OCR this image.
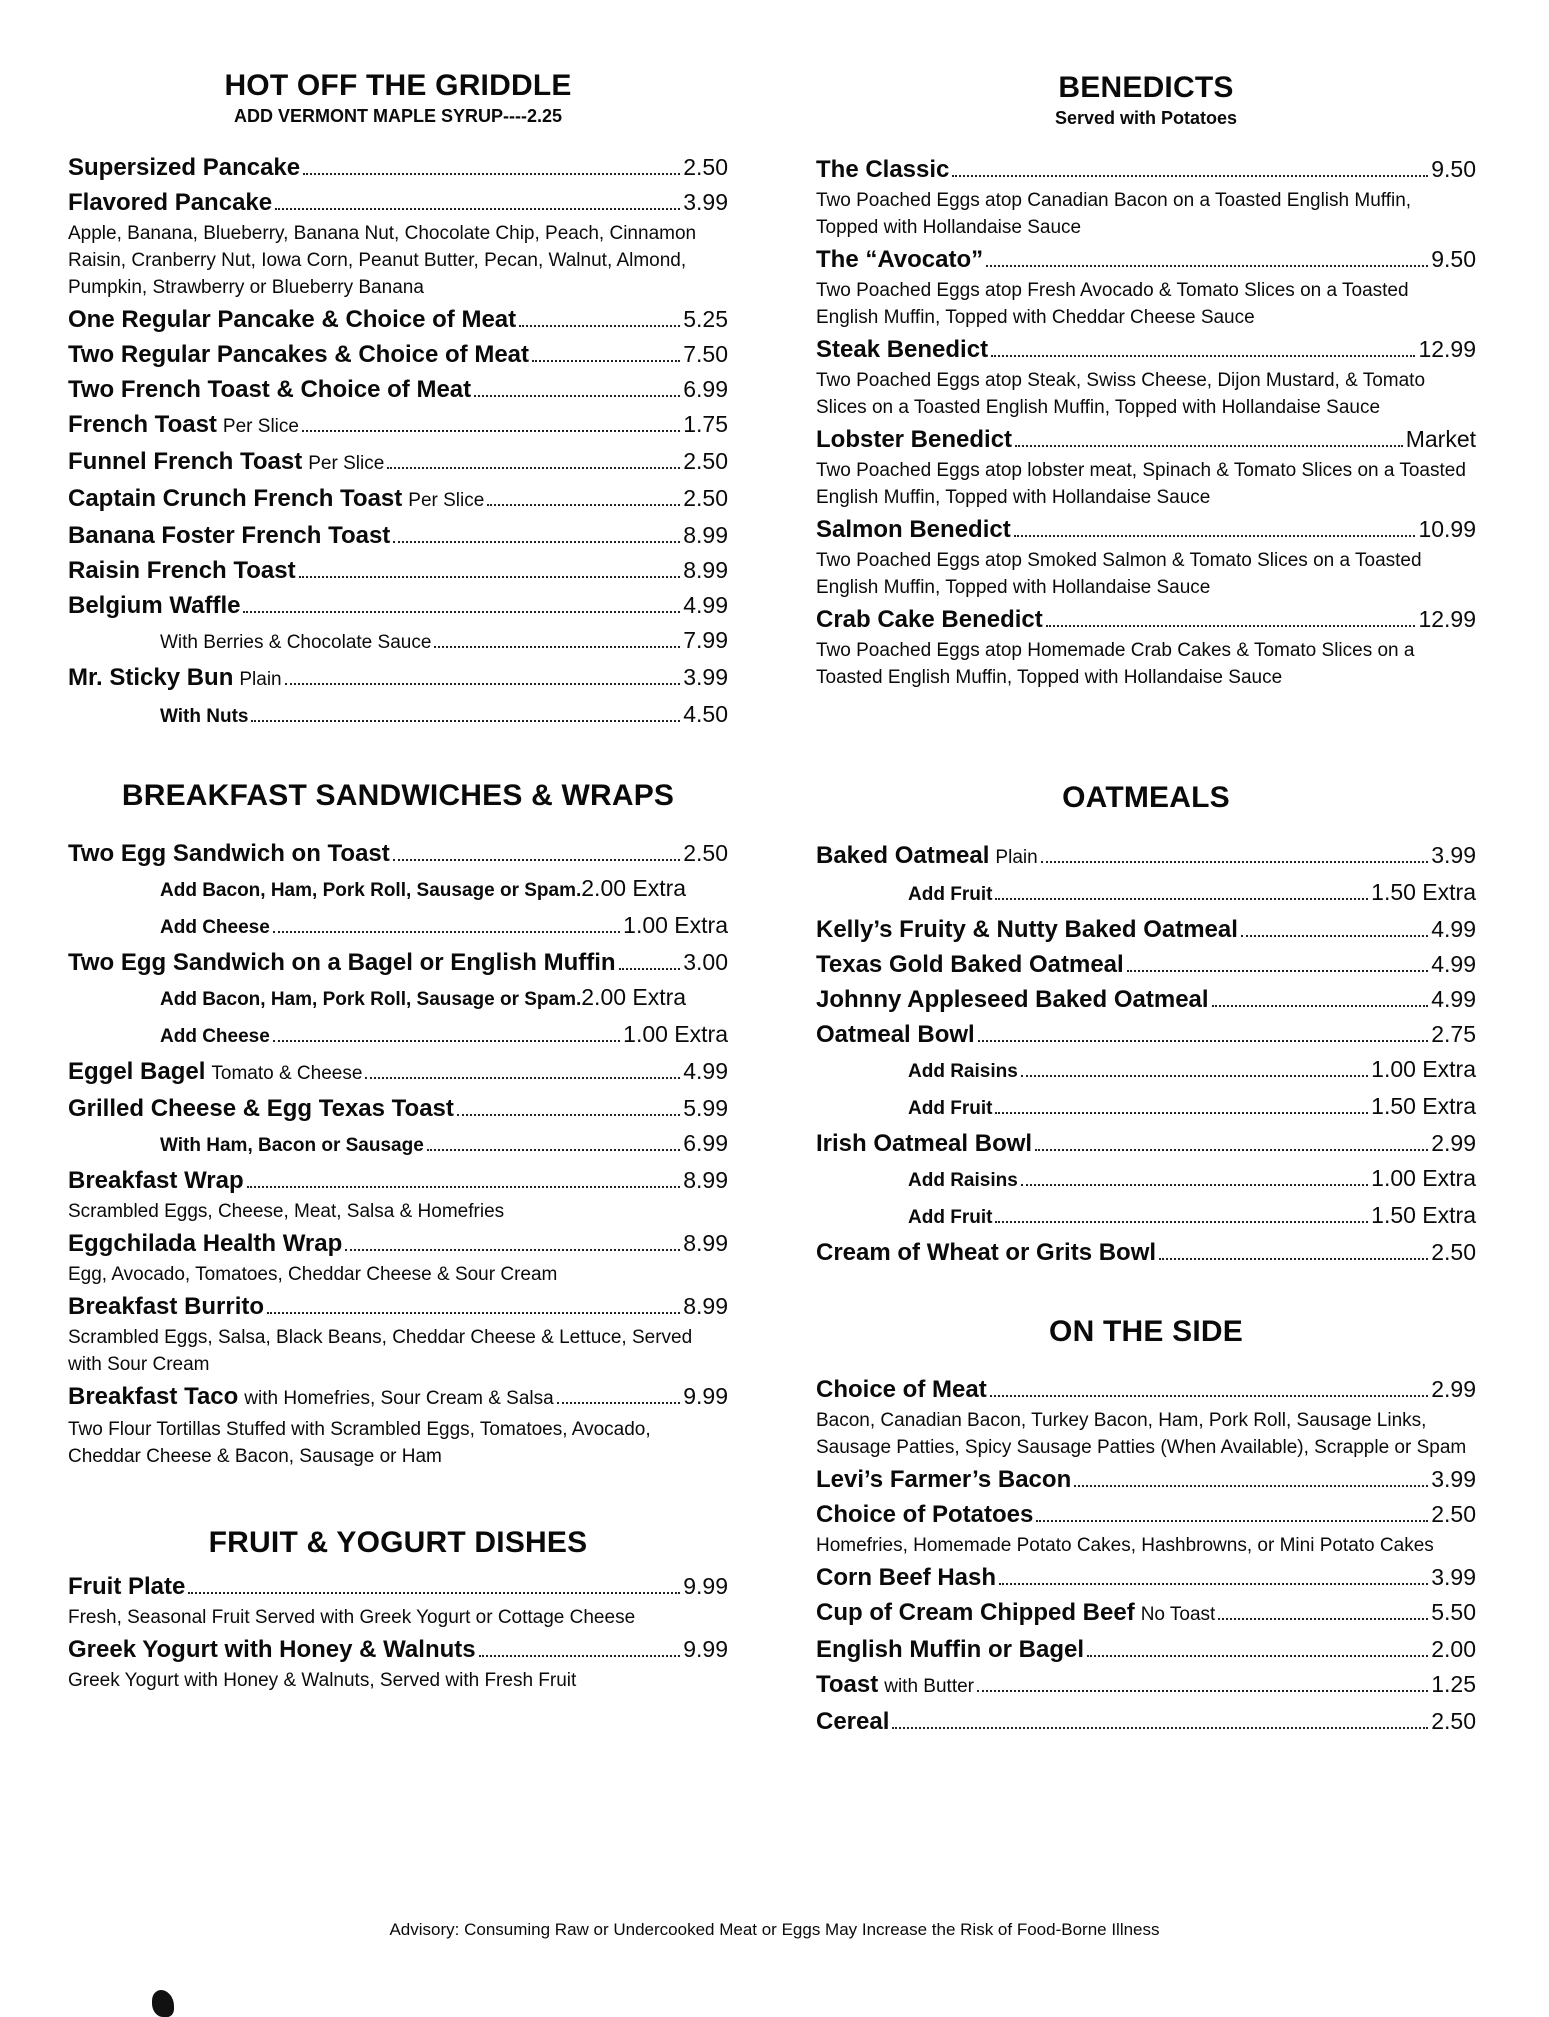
HOT OFF THE GRIDDLE
ADD VERMONT MAPLE SYRUP----2.25
Supersized Pancake	2.50
Flavored Pancake	3.99
Apple, Banana, Blueberry, Banana Nut, Chocolate Chip, Peach, Cinnamon Raisin, Cranberry Nut, Iowa Corn, Peanut Butter, Pecan, Walnut, Almond, Pumpkin, Strawberry or Blueberry Banana
One Regular Pancake & Choice of Meat	5.25
Two Regular Pancakes & Choice of Meat	7.50
Two French Toast & Choice of Meat	6.99
French Toast Per Slice	1.75
Funnel French Toast Per Slice	2.50
Captain Crunch French Toast Per Slice	2.50
Banana Foster French Toast	8.99
Raisin French Toast	8.99
Belgium Waffle	4.99
With Berries & Chocolate Sauce	7.99
Mr. Sticky Bun Plain	3.99
With Nuts	4.50
BREAKFAST SANDWICHES & WRAPS
Two Egg Sandwich on Toast	2.50
Add Bacon, Ham, Pork Roll, Sausage or Spam. 2.00 Extra
Add Cheese	1.00 Extra
Two Egg Sandwich on a Bagel or English Muffin	3.00
Add Bacon, Ham, Pork Roll, Sausage or Spam. 2.00 Extra
Add Cheese	1.00 Extra
Eggel Bagel Tomato & Cheese	4.99
Grilled Cheese & Egg Texas Toast	5.99
With Ham, Bacon or Sausage	6.99
Breakfast Wrap	8.99
Scrambled Eggs, Cheese, Meat, Salsa & Homefries
Eggchilada Health Wrap	8.99
Egg, Avocado, Tomatoes, Cheddar Cheese & Sour Cream
Breakfast Burrito	8.99
Scrambled Eggs, Salsa, Black Beans, Cheddar Cheese & Lettuce, Served with Sour Cream
Breakfast Taco with Homefries, Sour Cream & Salsa	9.99
Two Flour Tortillas Stuffed with Scrambled Eggs, Tomatoes, Avocado, Cheddar Cheese & Bacon, Sausage or Ham
FRUIT & YOGURT DISHES
Fruit Plate	9.99
Fresh, Seasonal Fruit Served with Greek Yogurt or Cottage Cheese
Greek Yogurt with Honey & Walnuts	9.99
Greek Yogurt with Honey & Walnuts, Served with Fresh Fruit
BENEDICTS
Served with Potatoes
The Classic	9.50
Two Poached Eggs atop Canadian Bacon on a Toasted English Muffin, Topped with Hollandaise Sauce
The “Avocato”	9.50
Two Poached Eggs atop Fresh Avocado & Tomato Slices on a Toasted English Muffin, Topped with Cheddar Cheese Sauce
Steak Benedict	12.99
Two Poached Eggs atop Steak, Swiss Cheese, Dijon Mustard, & Tomato Slices on a Toasted English Muffin, Topped with Hollandaise Sauce
Lobster Benedict	Market
Two Poached Eggs atop lobster meat, Spinach & Tomato Slices on a Toasted English Muffin, Topped with Hollandaise Sauce
Salmon Benedict	10.99
Two Poached Eggs atop Smoked Salmon & Tomato Slices on a Toasted English Muffin, Topped with Hollandaise Sauce
Crab Cake Benedict	12.99
Two Poached Eggs atop Homemade Crab Cakes & Tomato Slices on a Toasted English Muffin, Topped with Hollandaise Sauce
OATMEALS
Baked Oatmeal Plain	3.99
Add Fruit	1.50 Extra
Kelly’s Fruity & Nutty Baked Oatmeal	4.99
Texas Gold Baked Oatmeal	4.99
Johnny Appleseed Baked Oatmeal	4.99
Oatmeal Bowl	2.75
Add Raisins	1.00 Extra
Add Fruit	1.50 Extra
Irish Oatmeal Bowl	2.99
Add Raisins	1.00 Extra
Add Fruit	1.50 Extra
Cream of Wheat or Grits Bowl	2.50
ON THE SIDE
Choice of Meat	2.99
Bacon, Canadian Bacon, Turkey Bacon, Ham, Pork Roll, Sausage Links, Sausage Patties, Spicy Sausage Patties (When Available), Scrapple or Spam
Levi’s Farmer’s Bacon	3.99
Choice of Potatoes	2.50
Homefries, Homemade Potato Cakes, Hashbrowns, or Mini Potato Cakes
Corn Beef Hash	3.99
Cup of Cream Chipped Beef No Toast	5.50
English Muffin or Bagel	2.00
Toast with Butter	1.25
Cereal	2.50
Advisory: Consuming Raw or Undercooked Meat or Eggs May Increase the Risk of Food-Borne Illness
